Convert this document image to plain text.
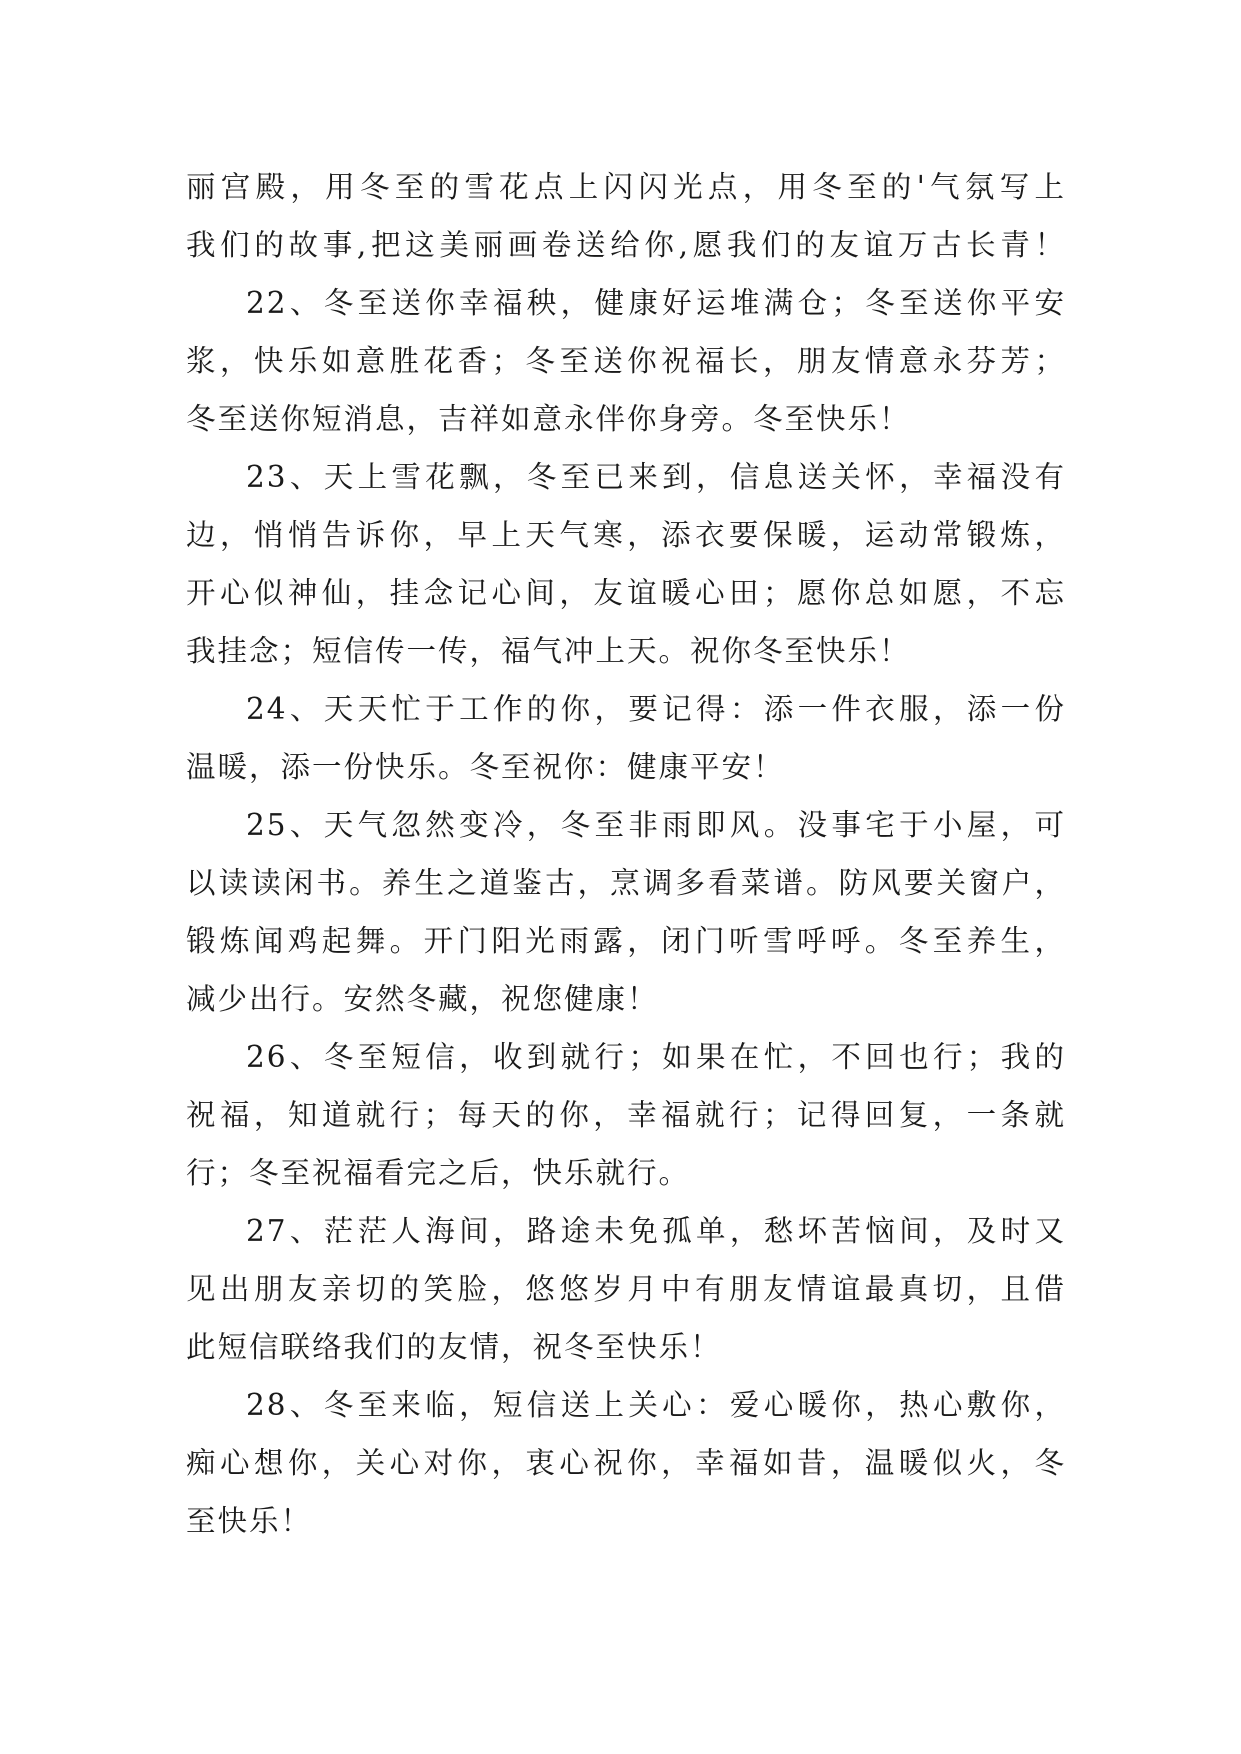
丽宫殿，用冬至的雪花点上闪闪光点，用冬至的'气氛写上
我们的故事,把这美丽画卷送给你,愿我们的友谊万古长青！
22、冬至送你幸福秧，健康好运堆满仓；冬至送你平安
浆，快乐如意胜花香；冬至送你祝福长，朋友情意永芬芳；
冬至送你短消息，吉祥如意永伴你身旁。冬至快乐！
23、天上雪花飘，冬至已来到，信息送关怀，幸福没有
边，悄悄告诉你，早上天气寒，添衣要保暖，运动常锻炼，
开心似神仙，挂念记心间，友谊暖心田；愿你总如愿，不忘
我挂念；短信传一传，福气冲上天。祝你冬至快乐！
24、天天忙于工作的你，要记得：添一件衣服，添一份
温暖，添一份快乐。冬至祝你：健康平安！
25、天气忽然变冷，冬至非雨即风。没事宅于小屋，可
以读读闲书。养生之道鉴古，烹调多看菜谱。防风要关窗户，
锻炼闻鸡起舞。开门阳光雨露，闭门听雪呼呼。冬至养生，
减少出行。安然冬藏，祝您健康！
26、冬至短信，收到就行；如果在忙，不回也行；我的
祝福，知道就行；每天的你，幸福就行；记得回复，一条就
行；冬至祝福看完之后，快乐就行。
27、茫茫人海间，路途未免孤单，愁坏苦恼间，及时又
见出朋友亲切的笑脸，悠悠岁月中有朋友情谊最真切，且借
此短信联络我们的友情，祝冬至快乐！
28、冬至来临，短信送上关心：爱心暖你，热心敷你，
痴心想你，关心对你，衷心祝你，幸福如昔，温暖似火，冬
至快乐！
